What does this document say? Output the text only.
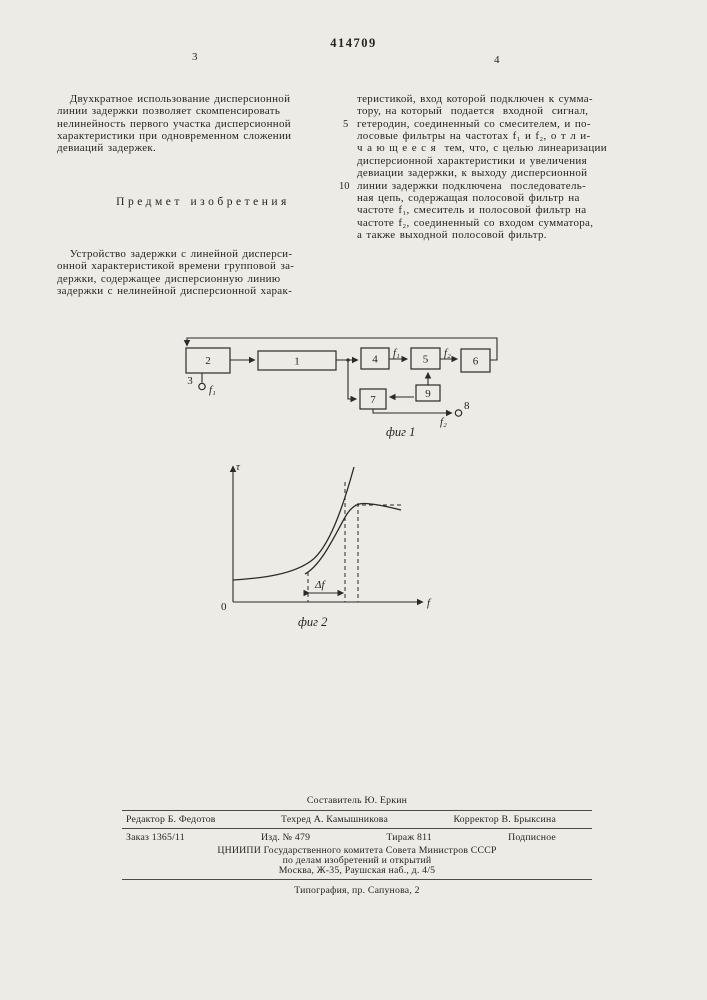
414709
3	4

Двухкратное использование дисперсионной
линии задержки позволяет скомпенсировать
нелинейность первого участка дисперсионной
характеристики при одновременном сложении
девиаций задержек.

Предмет изобретения

Устройство задержки с линейной дисперси-
онной характеристикой времени групповой за-
держки, содержащее дисперсионную линию
задержки с нелинейной дисперсионной харак-

теристикой, вход которой подключен к сумма-
тору, на который  подается  входной  сигнал,
гетеродин, соединенный со смесителем, и по-
лосовые фильтры на частотах f₁ и f₂, о т л и-
ч а ю щ е е с я  тем, что, с целью линеаризации
дисперсионной характеристики и увеличения
девиации задержки, к выходу дисперсионной
линии задержки подключена  последователь-
ная цепь, содержащая полосовой фильтр на
частоте f₁, смеситель и полосовой фильтр на
частоте f₂, соединенный со входом сумматора,
а также выходной полосовой фильтр.

5
10
2	1	4	5	6
7	9
f₁	f₂
3
f₁
8
f₂
фиг 1
τ
f
0
Δf
фиг 2
Составитель Ю. Еркин
Редактор Б. Федотов	Техред А. Камышникова	Корректор В. Брыксина
Заказ 1365/11	Изд. № 479	Тираж 811	Подписное
ЦНИИПИ Государственного комитета Совета Министров СССР
по делам изобретений и открытий
Москва, Ж-35, Раушская наб., д. 4/5
Типография, пр. Сапунова, 2
